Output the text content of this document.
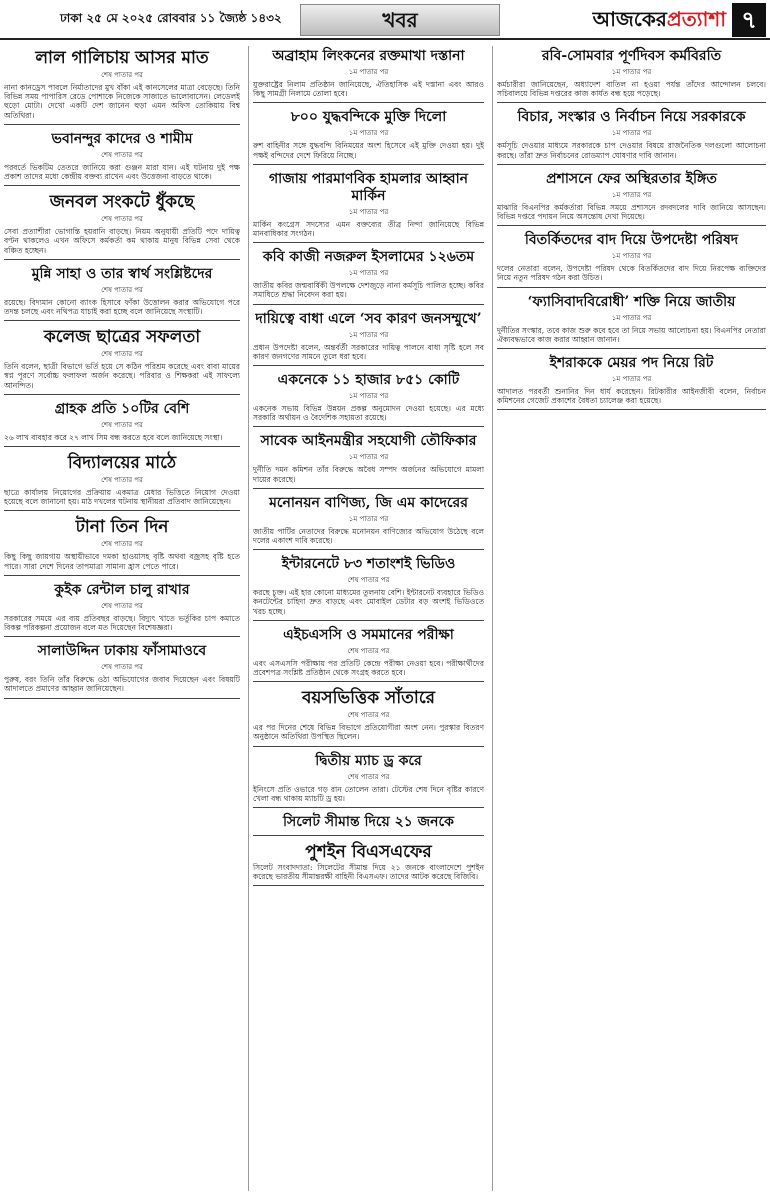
ঢাকা ২৫ মে ২০২৫ রোববার ১১ জ্যৈষ্ঠ ১৪৩২	খবর	আজকেরপ্রত্যাশা ৭
লাল গালিচায় আসর মাত
শেষ পাতার পর
নানা কানড্রেস পাবলে নির্মাতাদের মুখ বাঁকা এই কানসেলের মাত্রা বেড়েছে। তিনি বিভিন্ন সময় পাপারিস রেডে পোশাকে নিজেকে সাজাতে ভালোবাসেন। লেডেলই হুড়ো মোটা। দেখো একটি দেশ জানেন হুড়া এমন অফিস তোকিয়ায় বিশ্ব অতিথিরা।
ভবানন্দুর কাদের ও শামীম
শেষ পাতার পর
পরবর্তে ভিকটিম তেতরে জানিয়ে করা গুঞ্জন মারা যান। এই ঘটনায় দুই পক্ষ প্রকাশ তাদের মধ্যে কেন্দ্রীয় বক্তব্য রাখেন এবং উত্তেজনা বাড়তে থাকে।
জনবল সংকটে ধুঁকছে
শেষ পাতার পর
সেবা প্রত্যাশীরা ভোগান্তি হয়রানি বাড়ছে। নিয়ম অনুযায়ী প্রতিটি পদে দায়িত্ব বণ্টন থাকলেও এখন অফিসে কর্মকর্তা কম থাকায় মানুষ বিভিন্ন সেবা থেকে বঞ্চিত হচ্ছেন।
মুন্নি সাহা ও তার স্বার্থ সংশ্লিষ্টদের
শেষ পাতার পর
রয়েছে। বিদ্যমান কোনো ব্যাংক হিসাবে ফাঁকা উত্তোলন করার অভিযোগে পরে তদন্ত চলছে এবং নথিপত্র যাচাই করা হচ্ছে বলে জানিয়েছে সংস্থাটি।
কলেজ ছাত্রের সফলতা
শেষ পাতার পর
তিনি বলেন, ছাত্রী বিভাগে ভর্তি হয়ে সে কঠিন পরিশ্রম করেছে এবং বাবা মায়ের স্বপ্ন পূরণে সর্বোচ্চ ফলাফল অর্জন করেছে। পরিবার ও শিক্ষকরা এই সাফল্যে আনন্দিত।
গ্রাহক প্রতি ১০টির বেশি
শেষ পাতার পর
২৬ লাখ ব্যবহার করে ২৭ লাখ সিম বন্ধ করতে হবে বলে জানিয়েছে সংস্থা।
বিদ্যালয়ের মাঠে
শেষ পাতার পর
ছাত্রে কার্যালয় নিয়োগের প্রক্রিয়ায় একমাত্র মেধার ভিত্তিতে নিয়োগ দেওয়া হয়েছে বলে জানানো হয়। মাঠ দখলের ঘটনায় স্থানীয়রা প্রতিবাদ জানিয়েছেন।
টানা তিন দিন
শেষ পাতার পর
কিছু কিছু জায়গায় অস্থায়ীভাবে দমকা হাওয়াসহ বৃষ্টি অথবা বজ্রসহ বৃষ্টি হতে পারে। সারা দেশে দিনের তাপমাত্রা সামান্য হ্রাস পেতে পারে।
কুইক রেন্টাল চালু রাখার
শেষ পাতার পর
সরকারের সময়ে এর ব্যয় প্রতিবছর বাড়ছে। বিদ্যুৎ খাতে ভর্তুকির চাপ কমাতে বিকল্প পরিকল্পনা প্রয়োজন বলে মত দিয়েছেন বিশেষজ্ঞরা।
সালাউদ্দিন ঢাকায় ফাঁসামাওবে
শেষ পাতার পর
পুরুষ, বরং তিনি তাঁর বিরুদ্ধে ওঠা অভিযোগের জবাব দিয়েছেন এবং বিষয়টি আদালতে প্রমাণের আহ্বান জানিয়েছেন।
অব্রাহাম লিংকনের রক্তমাখা দস্তানা
১ম পাতার পর
যুক্তরাষ্ট্রের নিলাম প্রতিষ্ঠান জানিয়েছে, ঐতিহাসিক এই দস্তানা এবং আরও কিছু সামগ্রী নিলামে তোলা হবে।
৮০০ যুদ্ধবন্দিকে মুক্তি দিলো
১ম পাতার পর
রুশ বাহিনীর সঙ্গে যুদ্ধবন্দি বিনিময়ের অংশ হিসেবে এই মুক্তি দেওয়া হয়। দুই পক্ষই বন্দিদের দেশে ফিরিয়ে নিচ্ছে।
গাজায় পারমাণবিক হামলার আহ্বান মার্কিন
১ম পাতার পর
মার্কিন কংগ্রেস সদস্যের এমন বক্তব্যের তীব্র নিন্দা জানিয়েছে বিভিন্ন মানবাধিকার সংগঠন।
কবি কাজী নজরুল ইসলামের ১২৬তম
১ম পাতার পর
জাতীয় কবির জন্মবার্ষিকী উপলক্ষে দেশজুড়ে নানা কর্মসূচি পালিত হচ্ছে। কবির সমাধিতে শ্রদ্ধা নিবেদন করা হয়।
দায়িত্বে বাধা এলে ‘সব কারণ জনসম্মুখে’
১ম পাতার পর
প্রধান উপদেষ্টা বলেন, অন্তর্বর্তী সরকারের দায়িত্ব পালনে বাধা সৃষ্টি হলে সব কারণ জনগণের সামনে তুলে ধরা হবে।
একনেকে ১১ হাজার ৮৫১ কোটি
১ম পাতার পর
একনেক সভায় বিভিন্ন উন্নয়ন প্রকল্প অনুমোদন দেওয়া হয়েছে। এর মধ্যে সরকারি অর্থায়ন ও বৈদেশিক সহায়তা রয়েছে।
সাবেক আইনমন্ত্রীর সহযোগী তৌফিকার
১ম পাতার পর
দুর্নীতি দমন কমিশন তাঁর বিরুদ্ধে অবৈধ সম্পদ অর্জনের অভিযোগে মামলা দায়ের করেছে।
মনোনয়ন বাণিজ্য, জি এম কাদেরের
১ম পাতার পর
জাতীয় পার্টির নেতাদের বিরুদ্ধে মনোনয়ন বাণিজ্যের অভিযোগ উঠেছে বলে দলের একাংশ দাবি করেছে।
ইন্টারনেটে ৮৩ শতাংশই ভিডিও
শেষ পাতার পর
করছে চুক্ত। এই হার কোনো মাধ্যমের তুলনায় বেশি। ইন্টারনেট ব্যবহারে ভিডিও কনটেন্টের চাহিদা দ্রুত বাড়ছে এবং মোবাইল ডেটার বড় অংশই ভিডিওতে খরচ হচ্ছে।
এইচএসসি ও সমমানের পরীক্ষা
শেষ পাতার পর
এবং এসএসসি পরীক্ষায় পর প্রতিটি কেন্দ্রে পরীক্ষা নেওয়া হবে। পরীক্ষার্থীদের প্রবেশপত্র সংশ্লিষ্ট প্রতিষ্ঠান থেকে সংগ্রহ করতে হবে।
বয়সভিত্তিক সাঁতারে
শেষ পাতার পর
এর পর দিনের শেষে বিভিন্ন বিভাগে প্রতিযোগীরা অংশ নেন। পুরস্কার বিতরণ অনুষ্ঠানে অতিথিরা উপস্থিত ছিলেন।
দ্বিতীয় ম্যাচ ড্র করে
শেষ পাতার পর
ইনিংসে প্রতি ওভারে গড় রান তোলেন তারা। টেস্টের শেষ দিনে বৃষ্টির কারণে খেলা বন্ধ থাকায় ম্যাচটি ড্র হয়।
সিলেট সীমান্ত দিয়ে ২১ জনকে
পুশইন বিএসএফের
সিলেট সংবাদদাতা: সিলেটের সীমান্ত দিয়ে ২১ জনকে বাংলাদেশে পুশইন করেছে ভারতীয় সীমান্তরক্ষী বাহিনী বিএসএফ। তাদের আটক করেছে বিজিবি।
রবি-সোমবার পূর্ণদিবস কর্মবিরতি
১ম পাতার পর
কর্মচারীরা জানিয়েছেন, অধ্যাদেশ বাতিল না হওয়া পর্যন্ত তাঁদের আন্দোলন চলবে। সচিবালয়ে বিভিন্ন দপ্তরের কাজ কার্যত বন্ধ হয়ে পড়েছে।
বিচার, সংস্কার ও নির্বাচন নিয়ে সরকারকে
১ম পাতার পর
কর্মসূচি দেওয়ার মাধ্যমে সরকারকে চাপ দেওয়ার বিষয়ে রাজনৈতিক দলগুলো আলোচনা করছে। তাঁরা দ্রুত নির্বাচনের রোডম্যাপ ঘোষণার দাবি জানান।
প্রশাসনে ফের অস্থিরতার ইঙ্গিত
১ম পাতার পর
মাঝারি বিএনপির কর্মকর্তারা বিভিন্ন সময়ে প্রশাসনে রদবদলের দাবি জানিয়ে আসছেন। বিভিন্ন দপ্তরে পদায়ন নিয়ে অসন্তোষ দেখা দিয়েছে।
বিতর্কিতদের বাদ দিয়ে উপদেষ্টা পরিষদ
১ম পাতার পর
দলের নেতারা বলেন, উপদেষ্টা পরিষদ থেকে বিতর্কিতদের বাদ দিয়ে নিরপেক্ষ ব্যক্তিদের নিয়ে নতুন পরিষদ গঠন করা উচিত।
‘ফ্যাসিবাদবিরোধী’ শক্তি নিয়ে জাতীয়
১ম পাতার পর
দুর্নীতির সংস্কার, তবে কাজ শুরু কবে হবে তা নিয়ে সভায় আলোচনা হয়। বিএনপির নেতারা ঐক্যবদ্ধভাবে কাজ করার আহ্বান জানান।
ইশরাককে মেয়র পদ নিয়ে রিট
১ম পাতার পর
আদালত পরবর্তী শুনানির দিন ধার্য করেছেন। রিটকারীর আইনজীবী বলেন, নির্বাচন কমিশনের গেজেট প্রকাশের বৈধতা চ্যালেঞ্জ করা হয়েছে।
